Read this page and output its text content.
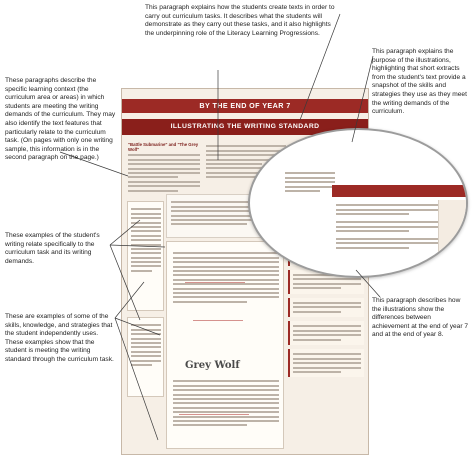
This paragraph explains how the students create texts in order to carry out curriculum tasks. It describes what the students will demonstrate as they carry out these tasks, and it also highlights the underpinning role of the Literacy Learning Progressions.
These paragraphs describe the specific learning context (the curriculum area or areas) in which students are meeting the writing demands of the curriculum. They may also identify the text features that particularly relate to the curriculum task. (On pages with only one writing sample, this information is in the second paragraph on the page.)
These examples of the student's writing relate specifically to the curriculum task and its writing demands.
These are examples of some of the skills, knowledge, and strategies that the student independently uses. These examples show that the student is meeting the writing standard through the curriculum task.
This paragraph explains the purpose of the illustrations, highlighting that short extracts from the student's text provide a snapshot of the skills and strategies they use as they meet the writing demands of the curriculum.
This paragraph describes how the illustrations show the differences between achievement at the end of year 7 and at the end of year 8.
BY THE END OF YEAR 7
ILLUSTRATING THE WRITING STANDARD
"Battle Submarine" and "The Grey Wolf"
Grey Wolf
